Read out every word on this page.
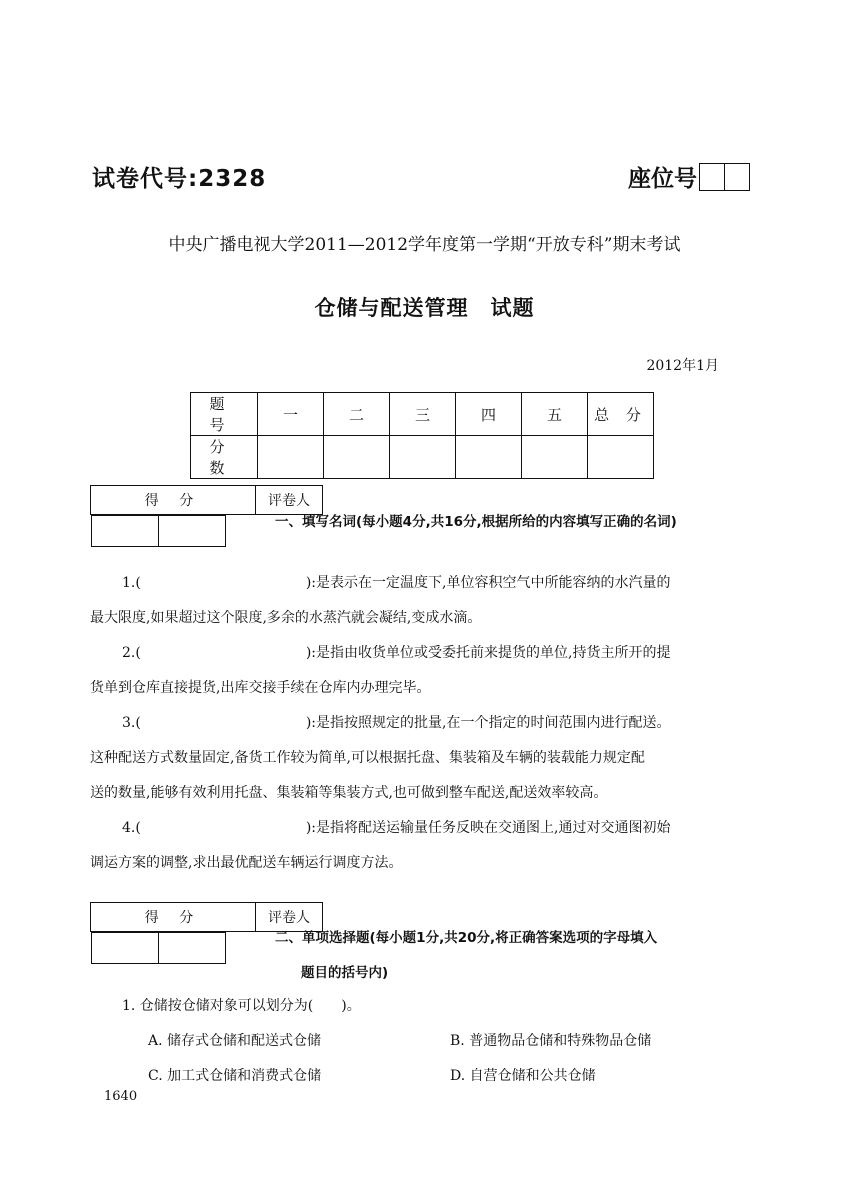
试卷代号:2328	座位号
中央广播电视大学2011—2012学年度第一学期“开放专科”期末考试
仓储与配送管理　试题
2012年1月
题 号	一	二	三	四	五	总 分
分 数						
得 分	评卷人

一、填写名词(每小题4分,共16分,根据所给的内容填写正确的名词)
1.(	):是表示在一定温度下,单位容积空气中所能容纳的水汽量的
最大限度,如果超过这个限度,多余的水蒸汽就会凝结,变成水滴。
2.(	):是指由收货单位或受委托前来提货的单位,持货主所开的提
货单到仓库直接提货,出库交接手续在仓库内办理完毕。
3.(	):是指按照规定的批量,在一个指定的时间范围内进行配送。
这种配送方式数量固定,备货工作较为简单,可以根据托盘、集装箱及车辆的装载能力规定配
送的数量,能够有效利用托盘、集装箱等集装方式,也可做到整车配送,配送效率较高。
4.(	):是指将配送运输量任务反映在交通图上,通过对交通图初始
调运方案的调整,求出最优配送车辆运行调度方法。
得 分	评卷人

二、单项选择题(每小题1分,共20分,将正确答案选项的字母填入
题目的括号内)
1. 仓储按仓储对象可以划分为(　　)。
A. 储存式仓储和配送式仓储	B. 普通物品仓储和特殊物品仓储
C. 加工式仓储和消费式仓储	D. 自营仓储和公共仓储
1640
